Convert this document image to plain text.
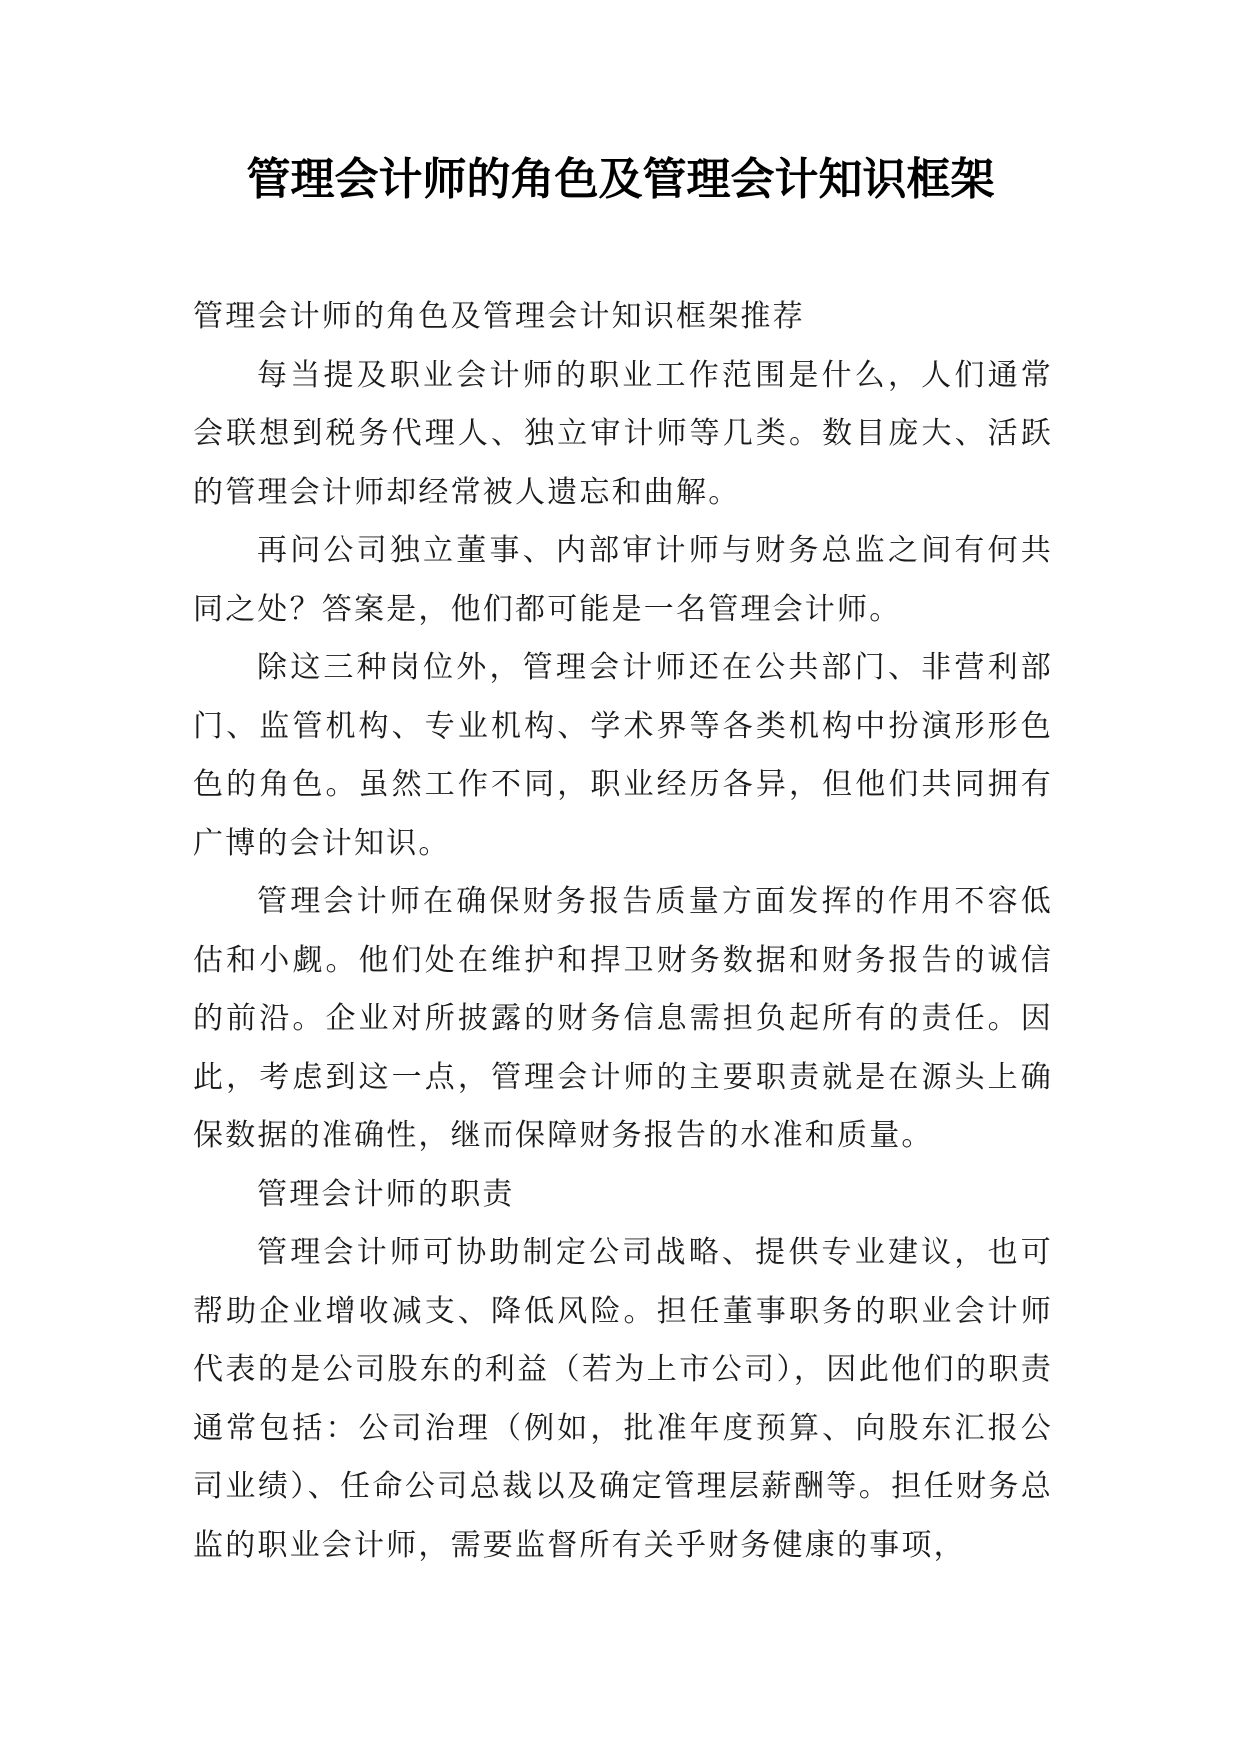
管理会计师的角色及管理会计知识框架

管理会计师的角色及管理会计知识框架推荐

每当提及职业会计师的职业工作范围是什么，人们通常会联想到税务代理人、独立审计师等几类。数目庞大、活跃的管理会计师却经常被人遗忘和曲解。

再问公司独立董事、内部审计师与财务总监之间有何共同之处？答案是，他们都可能是一名管理会计师。

除这三种岗位外，管理会计师还在公共部门、非营利部门、监管机构、专业机构、学术界等各类机构中扮演形形色色的角色。虽然工作不同，职业经历各异，但他们共同拥有广博的会计知识。

管理会计师在确保财务报告质量方面发挥的作用不容低估和小觑。他们处在维护和捍卫财务数据和财务报告的诚信的前沿。企业对所披露的财务信息需担负起所有的责任。因此，考虑到这一点，管理会计师的主要职责就是在源头上确保数据的准确性，继而保障财务报告的水准和质量。

管理会计师的职责

管理会计师可协助制定公司战略、提供专业建议，也可帮助企业增收减支、降低风险。担任董事职务的职业会计师代表的是公司股东的利益（若为上市公司），因此他们的职责通常包括：公司治理（例如，批准年度预算、向股东汇报公司业绩）、任命公司总裁以及确定管理层薪酬等。担任财务总监的职业会计师，需要监督所有关乎财务健康的事项，
